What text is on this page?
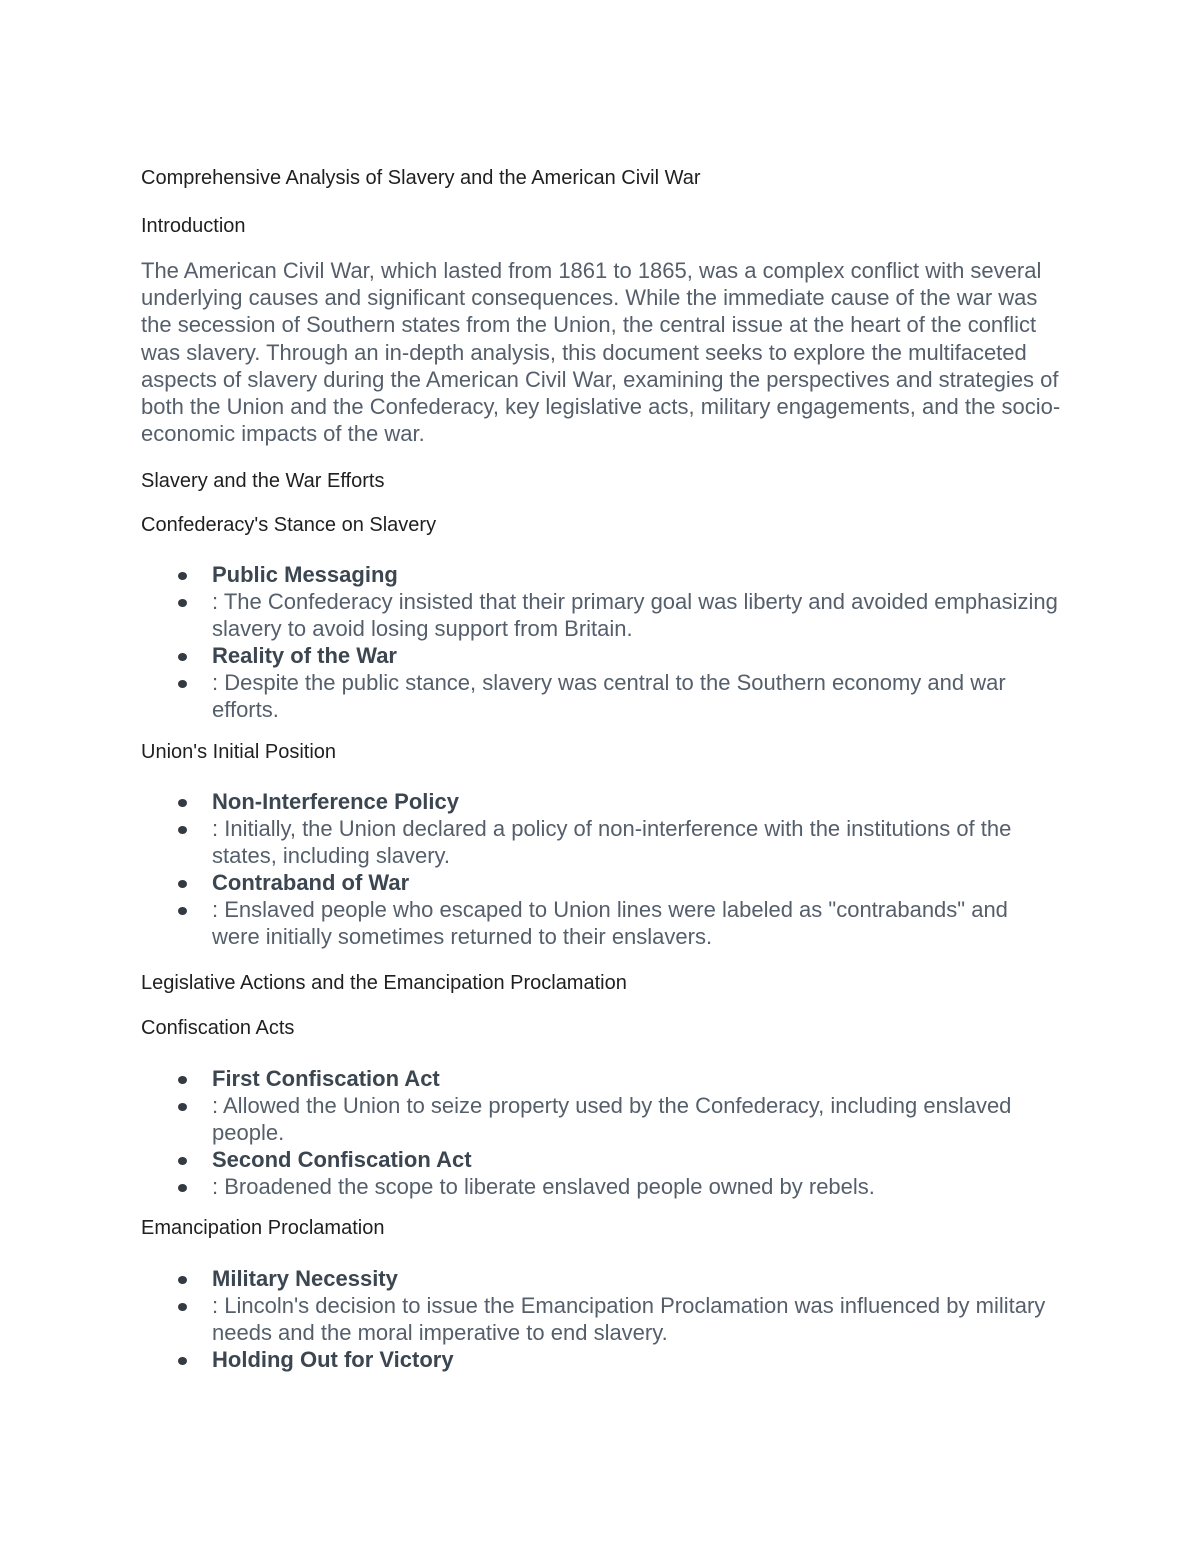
Comprehensive Analysis of Slavery and the American Civil War

Introduction

The American Civil War, which lasted from 1861 to 1865, was a complex conflict with several underlying causes and significant consequences. While the immediate cause of the war was the secession of Southern states from the Union, the central issue at the heart of the conflict was slavery. Through an in-depth analysis, this document seeks to explore the multifaceted aspects of slavery during the American Civil War, examining the perspectives and strategies of both the Union and the Confederacy, key legislative acts, military engagements, and the socio-economic impacts of the war.

Slavery and the War Efforts

Confederacy's Stance on Slavery

Public Messaging
: The Confederacy insisted that their primary goal was liberty and avoided emphasizing slavery to avoid losing support from Britain.
Reality of the War
: Despite the public stance, slavery was central to the Southern economy and war efforts.

Union's Initial Position

Non-Interference Policy
: Initially, the Union declared a policy of non-interference with the institutions of the states, including slavery.
Contraband of War
: Enslaved people who escaped to Union lines were labeled as "contrabands" and were initially sometimes returned to their enslavers.

Legislative Actions and the Emancipation Proclamation

Confiscation Acts

First Confiscation Act
: Allowed the Union to seize property used by the Confederacy, including enslaved people.
Second Confiscation Act
: Broadened the scope to liberate enslaved people owned by rebels.

Emancipation Proclamation

Military Necessity
: Lincoln's decision to issue the Emancipation Proclamation was influenced by military needs and the moral imperative to end slavery.
Holding Out for Victory
